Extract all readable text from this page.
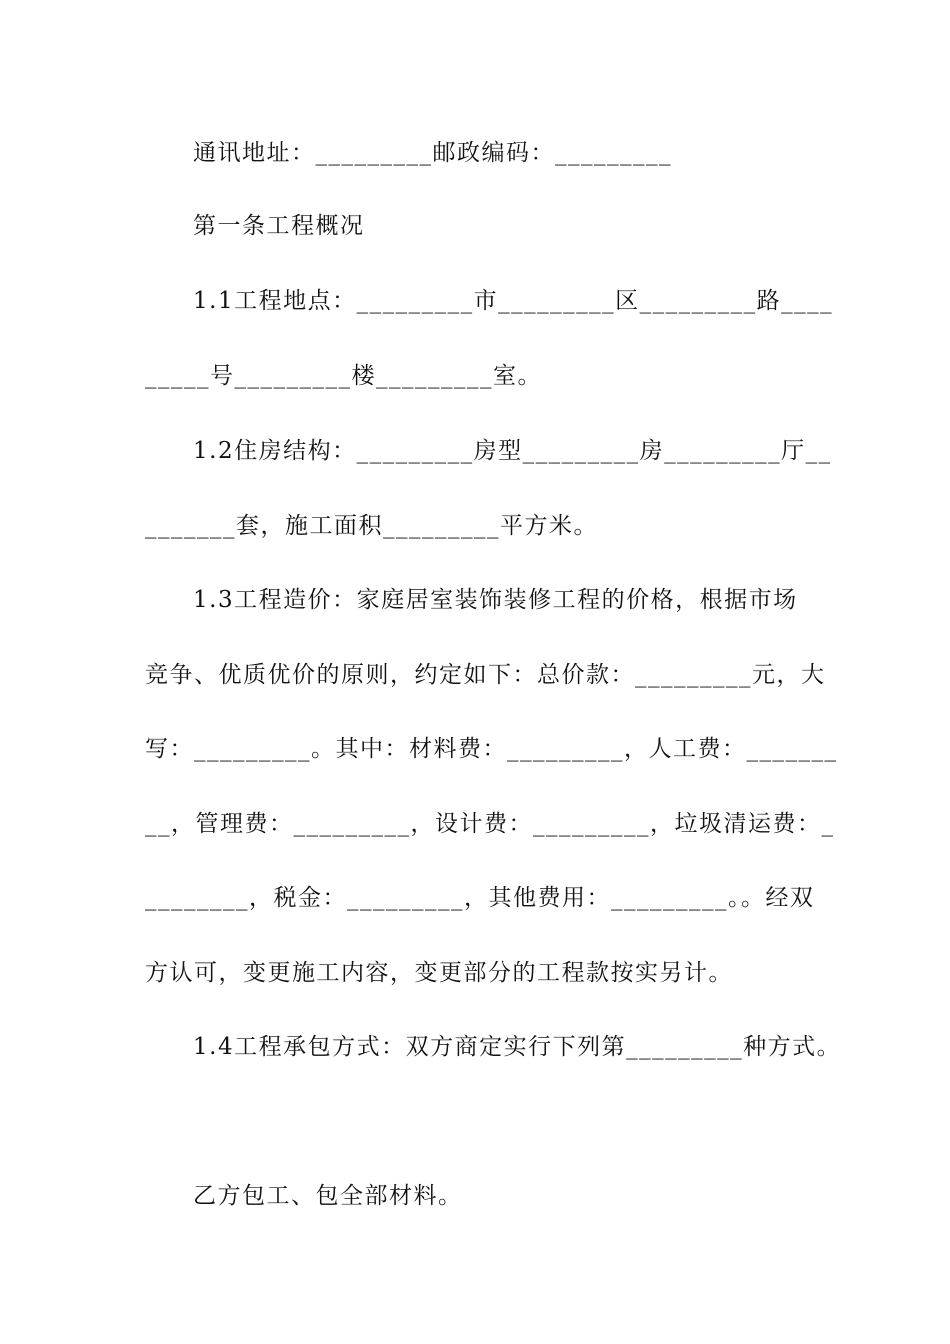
通讯地址：_________邮政编码：_________
第一条工程概况
1.1工程地点：_________市_________区_________路____
_____号_________楼_________室。
1.2住房结构：_________房型_________房_________厅__
_______套，施工面积_________平方米。
1.3工程造价：家庭居室装饰装修工程的价格，根据市场
竞争、优质优价的原则，约定如下：总价款：_________元，大
写：_________。其中：材料费：_________，人工费：_______
__，管理费：_________，设计费：_________，垃圾清运费：_
________，税金：_________，其他费用：_________。。经双
方认可，变更施工内容，变更部分的工程款按实另计。
1.4工程承包方式：双方商定实行下列第_________种方式。
乙方包工、包全部材料。
